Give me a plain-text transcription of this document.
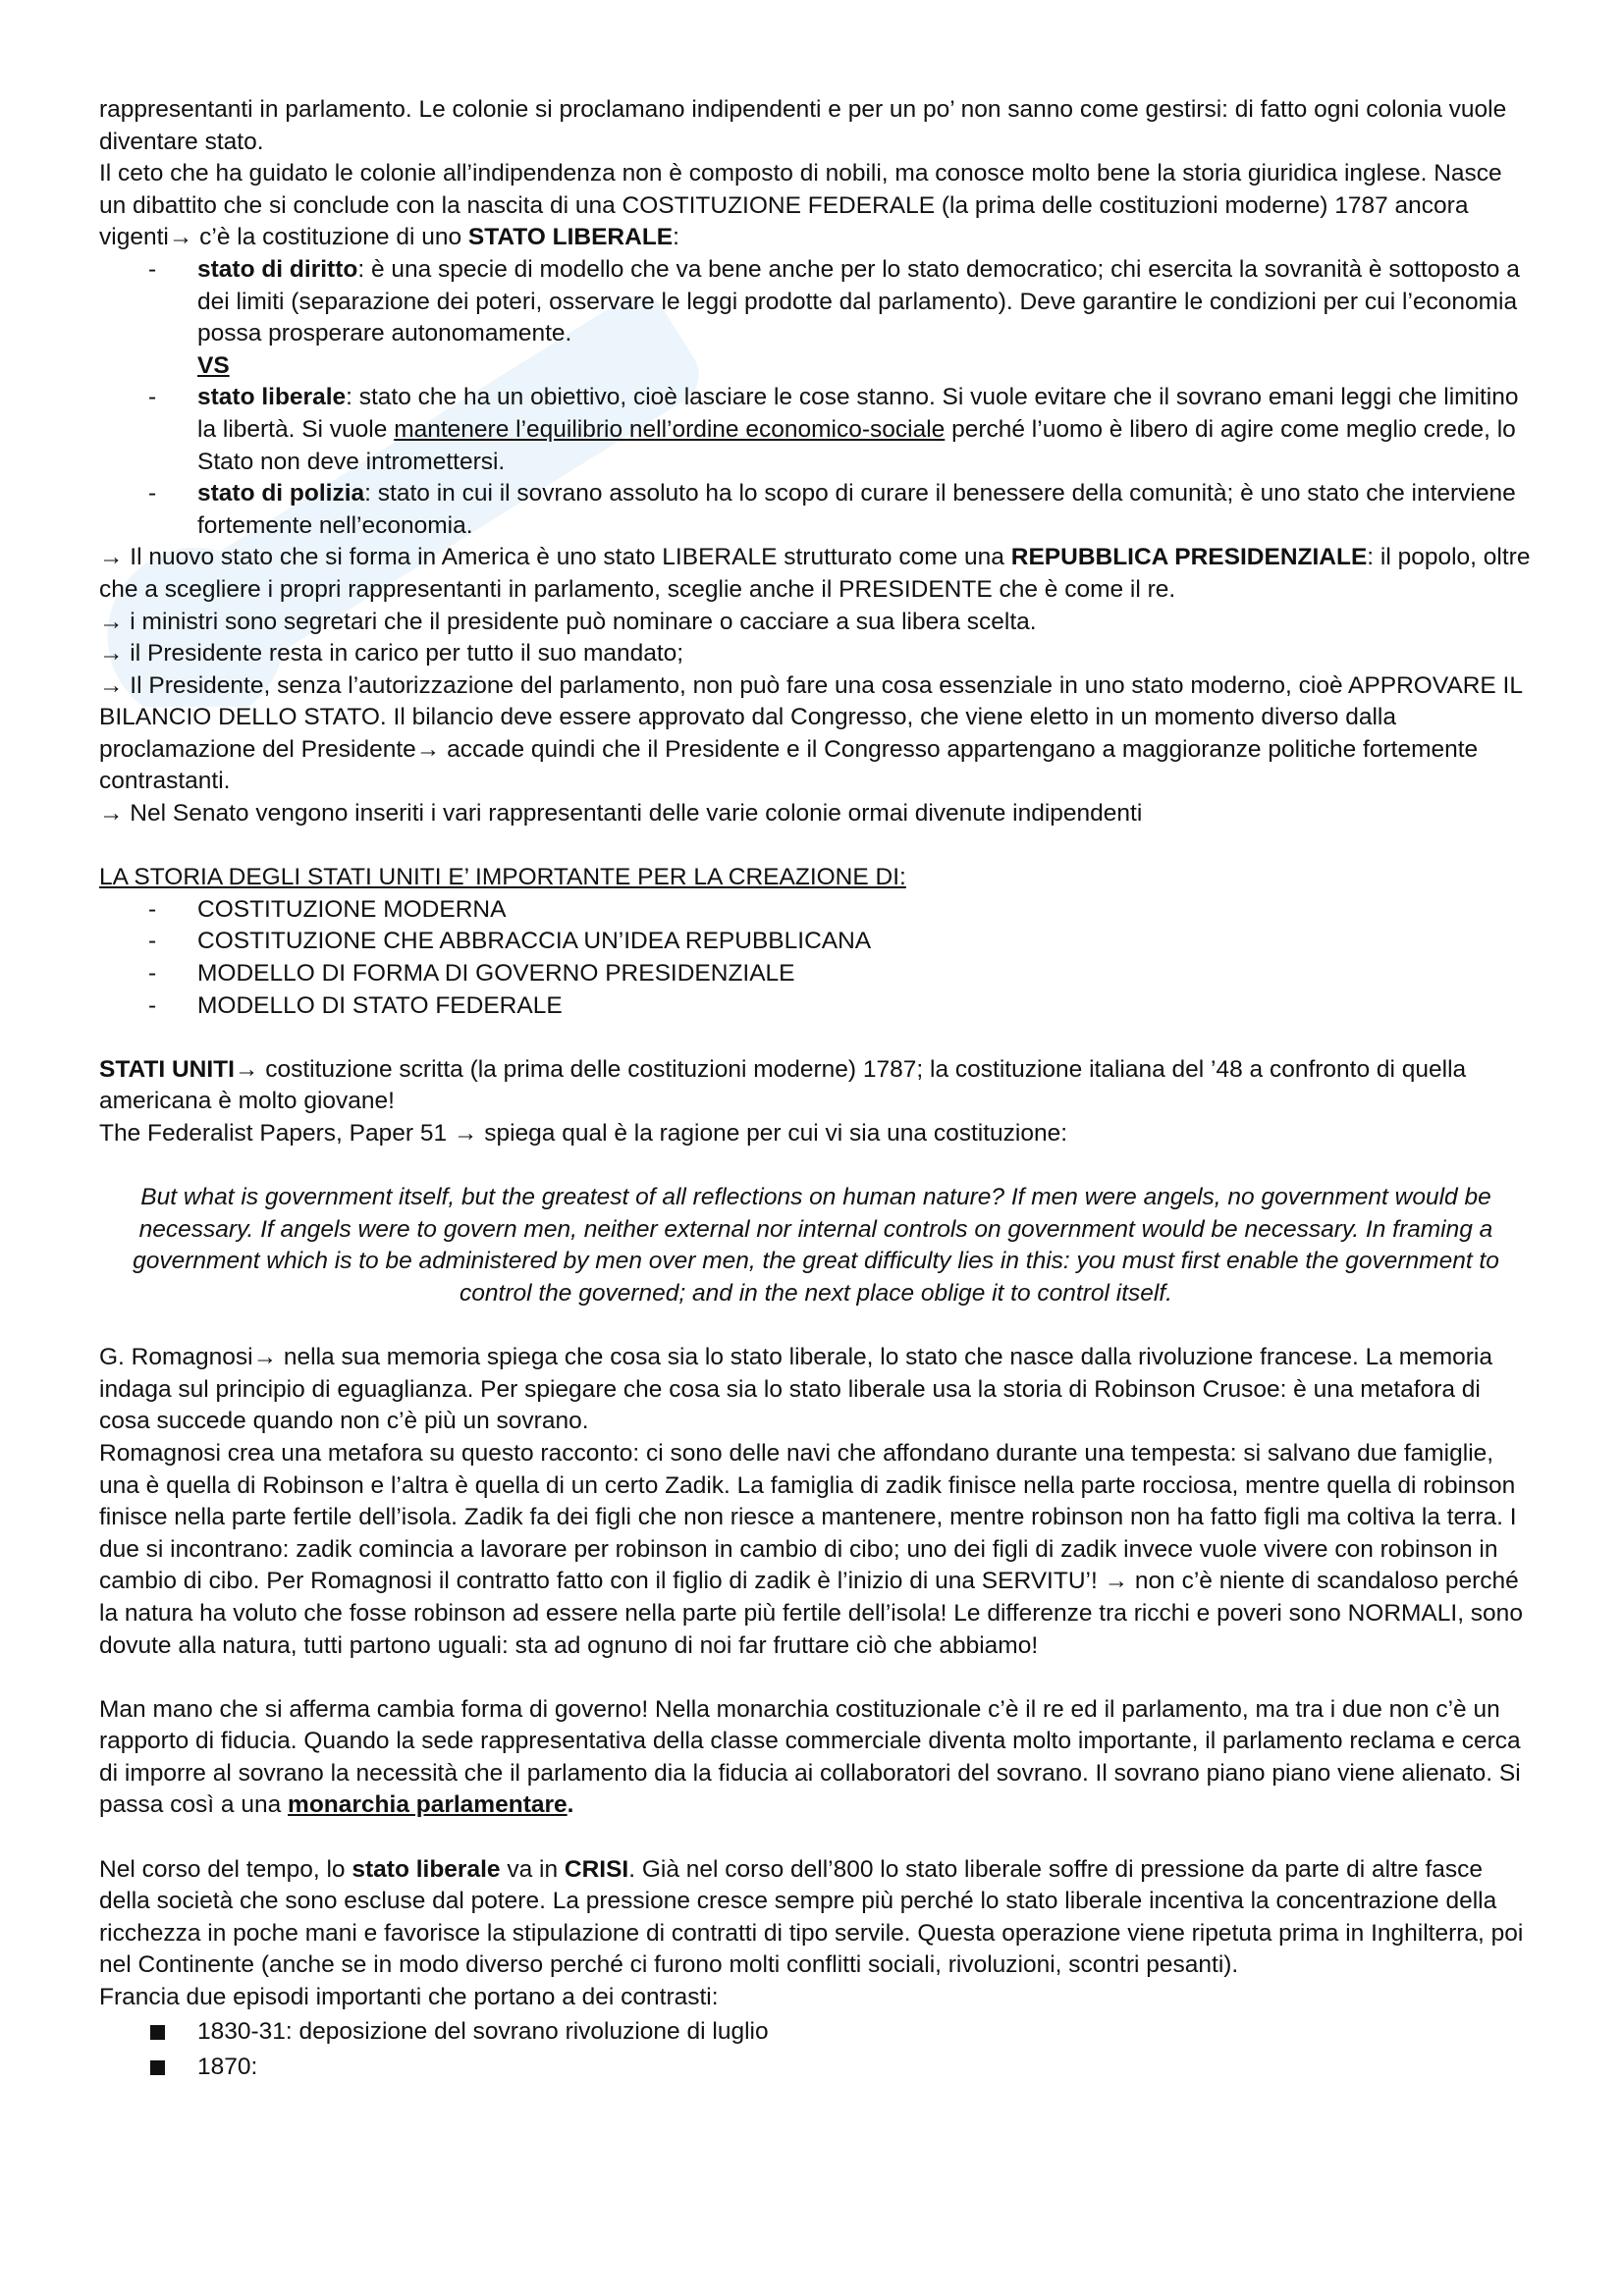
rappresentanti in parlamento. Le colonie si proclamano indipendenti e per un po’ non sanno come gestirsi: di fatto ogni colonia vuole diventare stato.

Il ceto che ha guidato le colonie all’indipendenza non è composto di nobili, ma conosce molto bene la storia giuridica inglese. Nasce un dibattito che si conclude con la nascita di una COSTITUZIONE FEDERALE (la prima delle costituzioni moderne) 1787 ancora vigenti→ c’è la costituzione di uno STATO LIBERALE:

- stato di diritto: è una specie di modello che va bene anche per lo stato democratico; chi esercita la sovranità è sottoposto a dei limiti (separazione dei poteri, osservare le leggi prodotte dal parlamento). Deve garantire le condizioni per cui l’economia possa prosperare autonomamente.
VS

- stato liberale: stato che ha un obiettivo, cioè lasciare le cose stanno. Si vuole evitare che il sovrano emani leggi che limitino la libertà. Si vuole mantenere l’equilibrio nell’ordine economico-sociale perché l’uomo è libero di agire come meglio crede, lo Stato non deve intromettersi.

- stato di polizia: stato in cui il sovrano assoluto ha lo scopo di curare il benessere della comunità; è uno stato che interviene fortemente nell’economia.

→ Il nuovo stato che si forma in America è uno stato LIBERALE strutturato come una REPUBBLICA PRESIDENZIALE: il popolo, oltre che a scegliere i propri rappresentanti in parlamento, sceglie anche il PRESIDENTE che è come il re.

→ i ministri sono segretari che il presidente può nominare o cacciare a sua libera scelta.

→ il Presidente resta in carico per tutto il suo mandato;

→ Il Presidente, senza l’autorizzazione del parlamento, non può fare una cosa essenziale in uno stato moderno, cioè APPROVARE IL BILANCIO DELLO STATO. Il bilancio deve essere approvato dal Congresso, che viene eletto in un momento diverso dalla proclamazione del Presidente→ accade quindi che il Presidente e il Congresso appartengano a maggioranze politiche fortemente contrastanti.

→ Nel Senato vengono inseriti i vari rappresentanti delle varie colonie ormai divenute indipendenti

LA STORIA DEGLI STATI UNITI E’ IMPORTANTE PER LA CREAZIONE DI:

- COSTITUZIONE MODERNA

- COSTITUZIONE CHE ABBRACCIA UN’IDEA REPUBBLICANA

- MODELLO DI FORMA DI GOVERNO PRESIDENZIALE

- MODELLO DI STATO FEDERALE

STATI UNITI→ costituzione scritta (la prima delle costituzioni moderne) 1787; la costituzione italiana del ’48 a confronto di quella americana è molto giovane!

The Federalist Papers, Paper 51 → spiega qual è la ragione per cui vi sia una costituzione:

But what is government itself, but the greatest of all reflections on human nature? If men were angels, no government would be necessary. If angels were to govern men, neither external nor internal controls on government would be necessary. In framing a government which is to be administered by men over men, the great difficulty lies in this: you must first enable the government to control the governed; and in the next place oblige it to control itself.

G. Romagnosi→ nella sua memoria spiega che cosa sia lo stato liberale, lo stato che nasce dalla rivoluzione francese. La memoria indaga sul principio di eguaglianza. Per spiegare che cosa sia lo stato liberale usa la storia di Robinson Crusoe: è una metafora di cosa succede quando non c’è più un sovrano.

Romagnosi crea una metafora su questo racconto: ci sono delle navi che affondano durante una tempesta: si salvano due famiglie, una è quella di Robinson e l’altra è quella di un certo Zadik. La famiglia di zadik finisce nella parte rocciosa, mentre quella di robinson finisce nella parte fertile dell’isola. Zadik fa dei figli che non riesce a mantenere, mentre robinson non ha fatto figli ma coltiva la terra. I due si incontrano: zadik comincia a lavorare per robinson in cambio di cibo; uno dei figli di zadik invece vuole vivere con robinson in cambio di cibo. Per Romagnosi il contratto fatto con il figlio di zadik è l’inizio di una SERVITU’! → non c’è niente di scandaloso perché la natura ha voluto che fosse robinson ad essere nella parte più fertile dell’isola! Le differenze tra ricchi e poveri sono NORMALI, sono dovute alla natura, tutti partono uguali: sta ad ognuno di noi far fruttare ciò che abbiamo!

Man mano che si afferma cambia forma di governo! Nella monarchia costituzionale c’è il re ed il parlamento, ma tra i due non c’è un rapporto di fiducia. Quando la sede rappresentativa della classe commerciale diventa molto importante, il parlamento reclama e cerca di imporre al sovrano la necessità che il parlamento dia la fiducia ai collaboratori del sovrano. Il sovrano piano piano viene alienato. Si passa così a una monarchia parlamentare.

Nel corso del tempo, lo stato liberale va in CRISI. Già nel corso dell’800 lo stato liberale soffre di pressione da parte di altre fasce della società che sono escluse dal potere. La pressione cresce sempre più perché lo stato liberale incentiva la concentrazione della ricchezza in poche mani e favorisce la stipulazione di contratti di tipo servile. Questa operazione viene ripetuta prima in Inghilterra, poi nel Continente (anche se in modo diverso perché ci furono molti conflitti sociali, rivoluzioni, scontri pesanti).

Francia due episodi importanti che portano a dei contrasti:

1830-31: deposizione del sovrano rivoluzione di luglio

1870:
